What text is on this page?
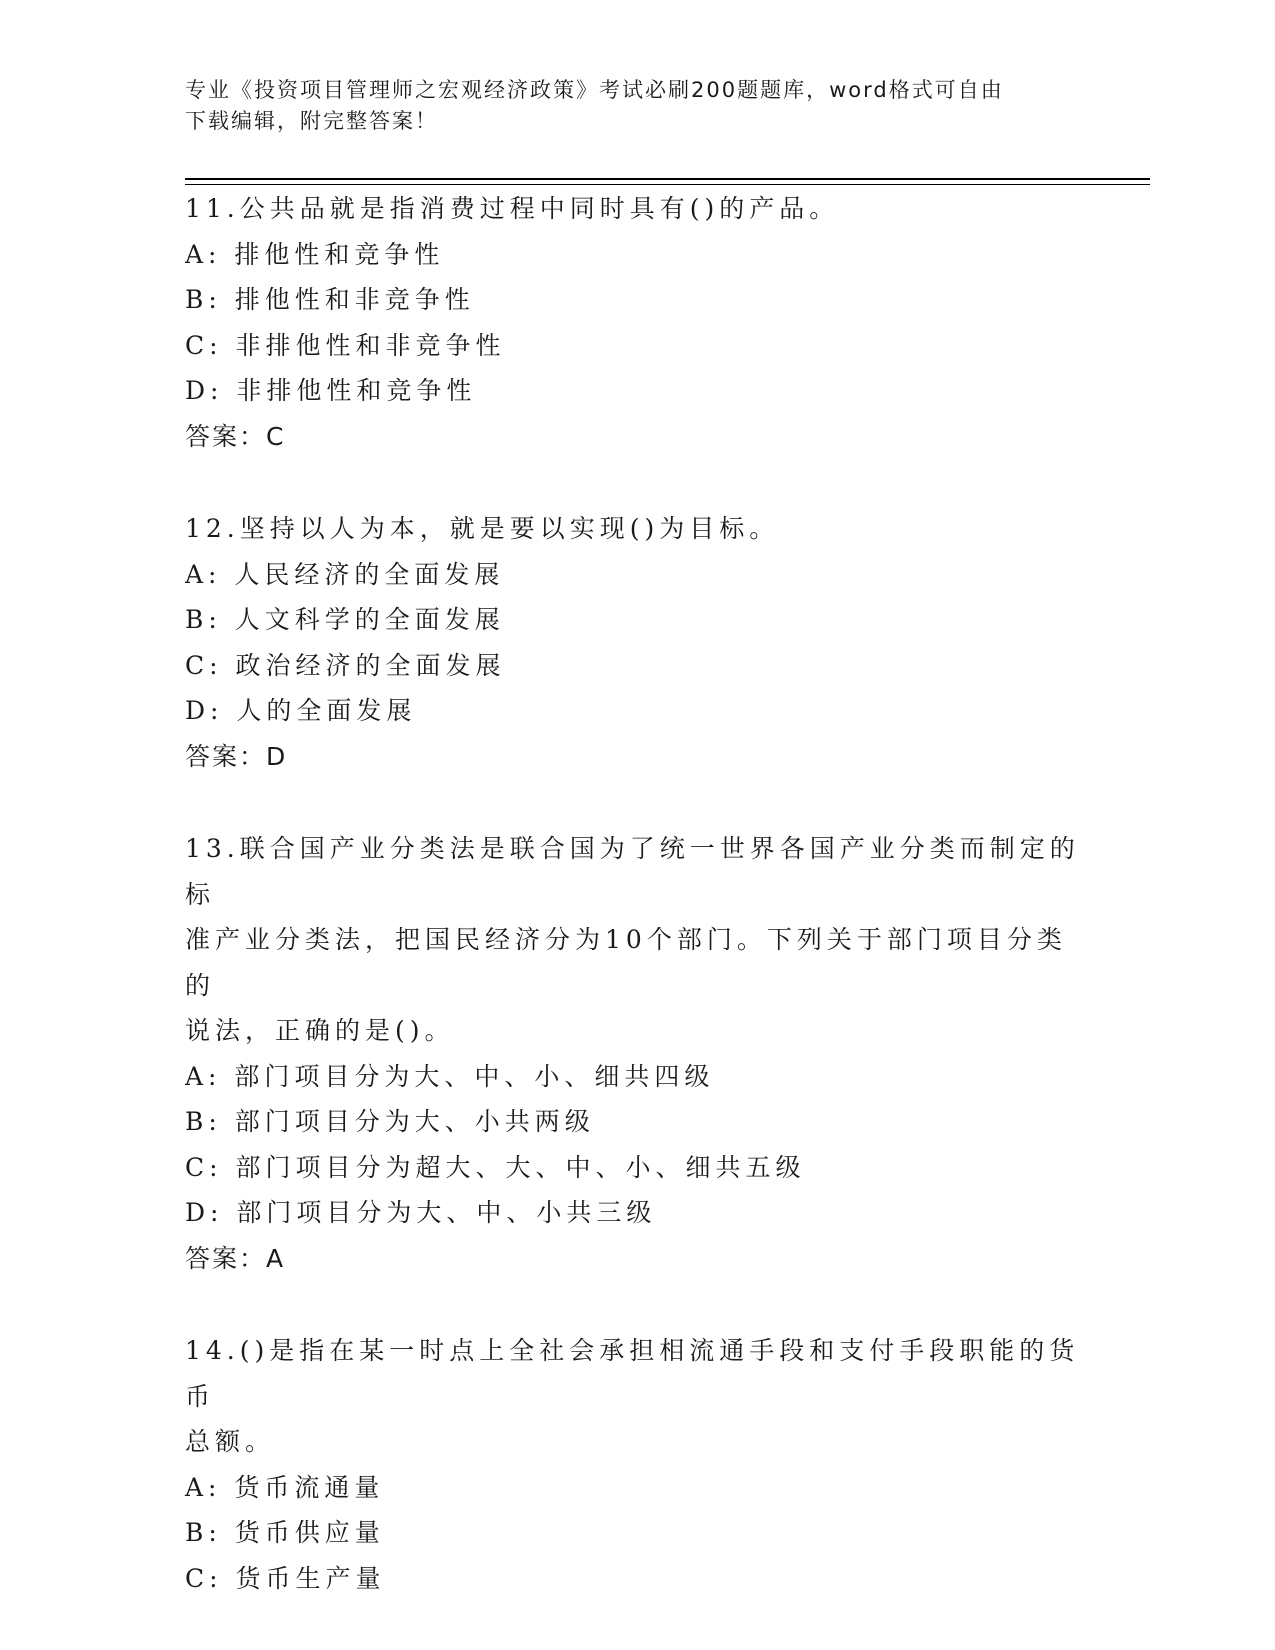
专业《投资项目管理师之宏观经济政策》考试必刷200题题库，word格式可自由
下载编辑，附完整答案！
11.公共品就是指消费过程中同时具有()的产品。
A: 排他性和竞争性
B: 排他性和非竞争性
C: 非排他性和非竞争性
D: 非排他性和竞争性
答案：C
12.坚持以人为本，就是要以实现()为目标。
A: 人民经济的全面发展
B: 人文科学的全面发展
C: 政治经济的全面发展
D: 人的全面发展
答案：D
13.联合国产业分类法是联合国为了统一世界各国产业分类而制定的标
准产业分类法，把国民经济分为10个部门。下列关于部门项目分类的
说法，正确的是()。
A: 部门项目分为大、中、小、细共四级
B: 部门项目分为大、小共两级
C: 部门项目分为超大、大、中、小、细共五级
D: 部门项目分为大、中、小共三级
答案：A
14.()是指在某一时点上全社会承担相流通手段和支付手段职能的货币
总额。
A: 货币流通量
B: 货币供应量
C: 货币生产量
